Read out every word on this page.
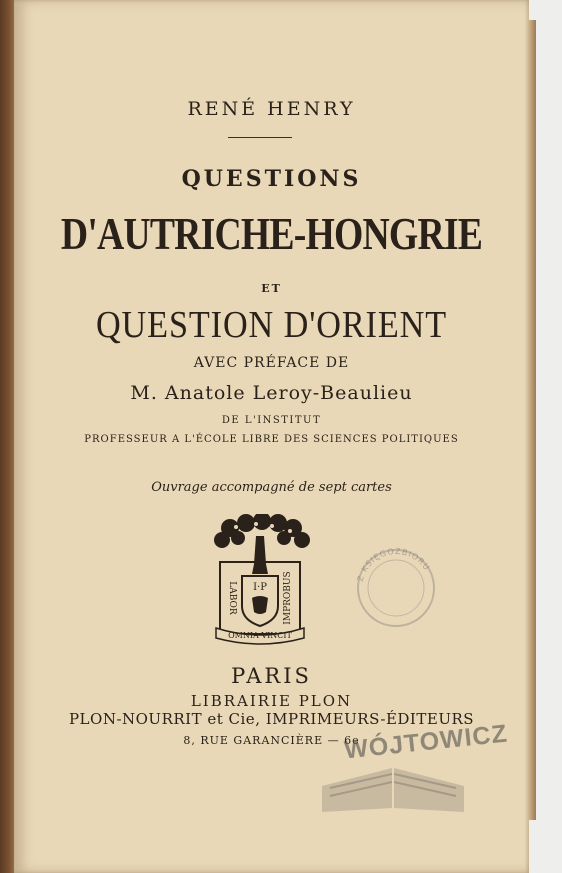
RENÉ HENRY
QUESTIONS
D'AUTRICHE-HONGRIE
ET
QUESTION D'ORIENT
AVEC PRÉFACE DE
M. Anatole Leroy-Beaulieu
DE L'INSTITUT
PROFESSEUR A L'ÉCOLE LIBRE DES SCIENCES POLITIQUES
Ouvrage accompagné de sept cartes
I·P
LABOR	IMPROBUS
OMNIA VINCIT
Z KSIĘGOZBIORU
PARIS
LIBRAIRIE PLON
PLON-NOURRIT et Cie, IMPRIMEURS-ÉDITEURS
8, RUE GARANCIÈRE — 6e
WÓJTOWICZ
